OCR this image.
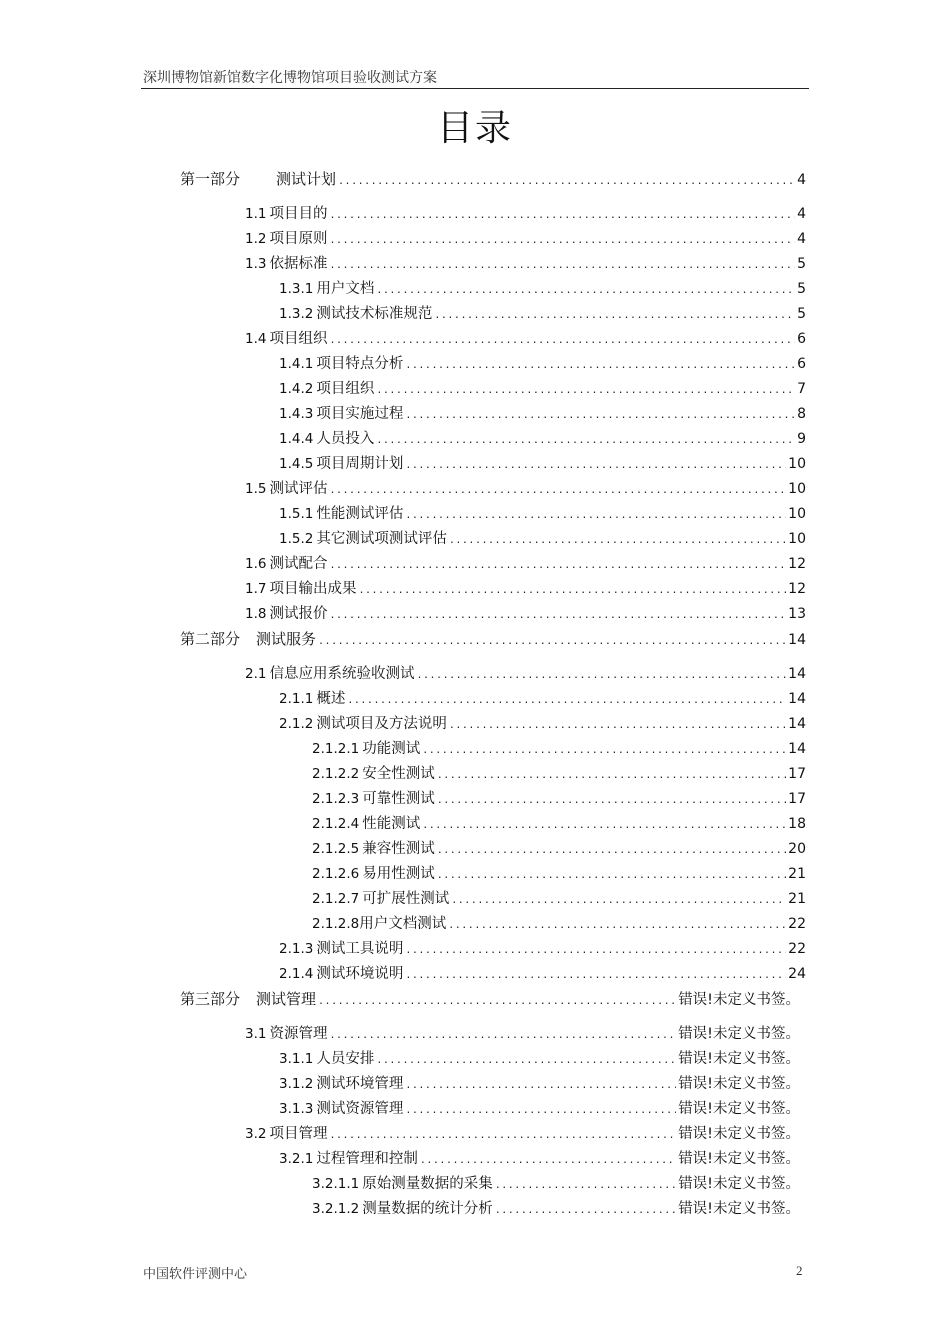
深圳博物馆新馆数字化博物馆项目验收测试方案
目录
第一部分	测试计划 .....	4
1.1 项目目的 .....	4
1.2 项目原则 .....	4
1.3 依据标准 .....	5
1.3.1 用户文档 .....	5
1.3.2 测试技术标准规范 .....	5
1.4 项目组织 .....	6
1.4.1 项目特点分析 .....	6
1.4.2 项目组织 .....	7
1.4.3 项目实施过程 .....	8
1.4.4 人员投入 .....	9
1.4.5 项目周期计划 .....	10
1.5 测试评估 .....	10
1.5.1 性能测试评估 .....	10
1.5.2 其它测试项测试评估 .....	10
1.6 测试配合 .....	12
1.7 项目输出成果 .....	12
1.8 测试报价 .....	13
第二部分	测试服务 .....	14
2.1 信息应用系统验收测试 .....	14
2.1.1 概述 .....	14
2.1.2 测试项目及方法说明 .....	14
2.1.2.1 功能测试 .....	14
2.1.2.2 安全性测试 .....	17
2.1.2.3 可靠性测试 .....	17
2.1.2.4 性能测试 .....	18
2.1.2.5 兼容性测试 .....	20
2.1.2.6 易用性测试 .....	21
2.1.2.7 可扩展性测试 .....	21
2.1.2.8 用户文档测试 .....	22
2.1.3 测试工具说明 .....	22
2.1.4 测试环境说明 .....	24
第三部分	测试管理 .....	错误!未定义书签。
3.1 资源管理 .....	错误!未定义书签。
3.1.1 人员安排 .....	错误!未定义书签。
3.1.2 测试环境管理 .....	错误!未定义书签。
3.1.3 测试资源管理 .....	错误!未定义书签。
3.2 项目管理 .....	错误!未定义书签。
3.2.1 过程管理和控制 .....	错误!未定义书签。
3.2.1.1 原始测量数据的采集 .....	错误!未定义书签。
3.2.1.2 测量数据的统计分析 .....	错误!未定义书签。
中国软件评测中心	2
